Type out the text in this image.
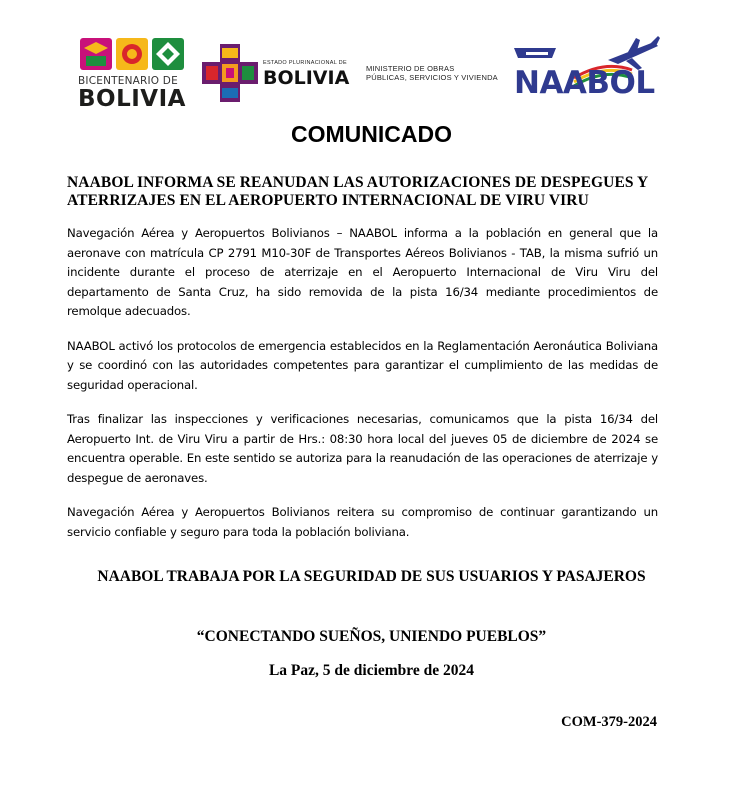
BICENTENARIO DE
BOLIVIA
ESTADO PLURINACIONAL DE
BOLIVIA	MINISTERIO DE OBRAS
PÚBLICAS, SERVICIOS Y VIVIENDA NAABOL
COMUNICADO
NAABOL INFORMA SE REANUDAN LAS AUTORIZACIONES DE DESPEGUES Y ATERRIZAJES EN EL AEROPUERTO INTERNACIONAL DE VIRU VIRU

Navegación Aérea y Aeropuertos Bolivianos – NAABOL informa a la población en general que la aeronave con matrícula CP 2791 M10-30F de Transportes Aéreos Bolivianos - TAB, la misma sufrió un incidente durante el proceso de aterrizaje en el Aeropuerto Internacional de Viru Viru del departamento de Santa Cruz, ha sido removida de la pista 16/34 mediante procedimientos de remolque adecuados.

NAABOL activó los protocolos de emergencia establecidos en la Reglamentación Aeronáutica Boliviana y se coordinó con las autoridades competentes para garantizar el cumplimiento de las medidas de seguridad operacional.

Tras finalizar las inspecciones y verificaciones necesarias, comunicamos que la pista 16/34 del Aeropuerto Int. de Viru Viru a partir de Hrs.: 08:30 hora local del jueves 05 de diciembre de 2024 se encuentra operable. En este sentido se autoriza para la reanudación de las operaciones de aterrizaje y despegue de aeronaves.

Navegación Aérea y Aeropuertos Bolivianos reitera su compromiso de continuar garantizando un servicio confiable y seguro para toda la población boliviana.

NAABOL TRABAJA POR LA SEGURIDAD DE SUS USUARIOS Y PASAJEROS
“CONECTANDO SUEÑOS, UNIENDO PUEBLOS”
La Paz, 5 de diciembre de 2024
COM-379-2024
